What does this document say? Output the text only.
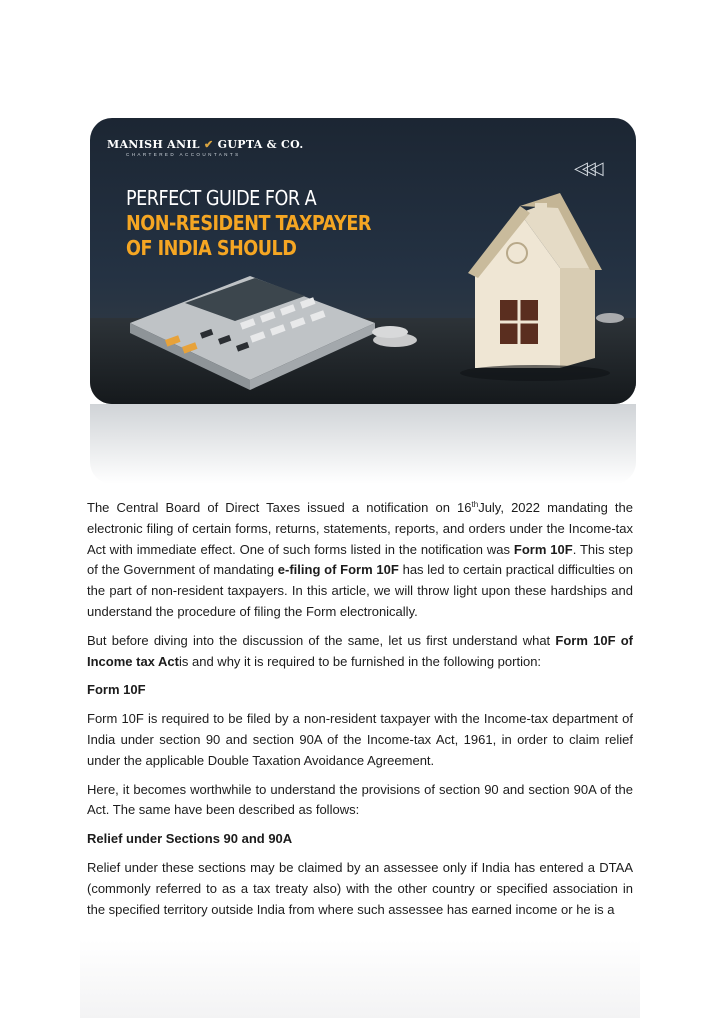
MANISH ANIL ✔ GUPTA & CO.
CHARTERED ACCOUNTANTS
PERFECT GUIDE FOR A
NON-RESIDENT TAXPAYER
OF INDIA SHOULD
◁◁◁

The Central Board of Direct Taxes issued a notification on 16thJuly, 2022 mandating the electronic filing of certain forms, returns, statements, reports, and orders under the Income-tax Act with immediate effect. One of such forms listed in the notification was Form 10F. This step of the Government of mandating e-filing of Form 10F has led to certain practical difficulties on the part of non-resident taxpayers. In this article, we will throw light upon these hardships and understand the procedure of filing the Form electronically.

But before diving into the discussion of the same, let us first understand what Form 10F of Income tax Actis and why it is required to be furnished in the following portion:

Form 10F

Form 10F is required to be filed by a non-resident taxpayer with the Income-tax department of India under section 90 and section 90A of the Income-tax Act, 1961, in order to claim relief under the applicable Double Taxation Avoidance Agreement.

Here, it becomes worthwhile to understand the provisions of section 90 and section 90A of the Act. The same have been described as follows:

Relief under Sections 90 and 90A

Relief under these sections may be claimed by an assessee only if India has entered a DTAA (commonly referred to as a tax treaty also) with the other country or specified association in the specified territory outside India from where such assessee has earned income or he is a
